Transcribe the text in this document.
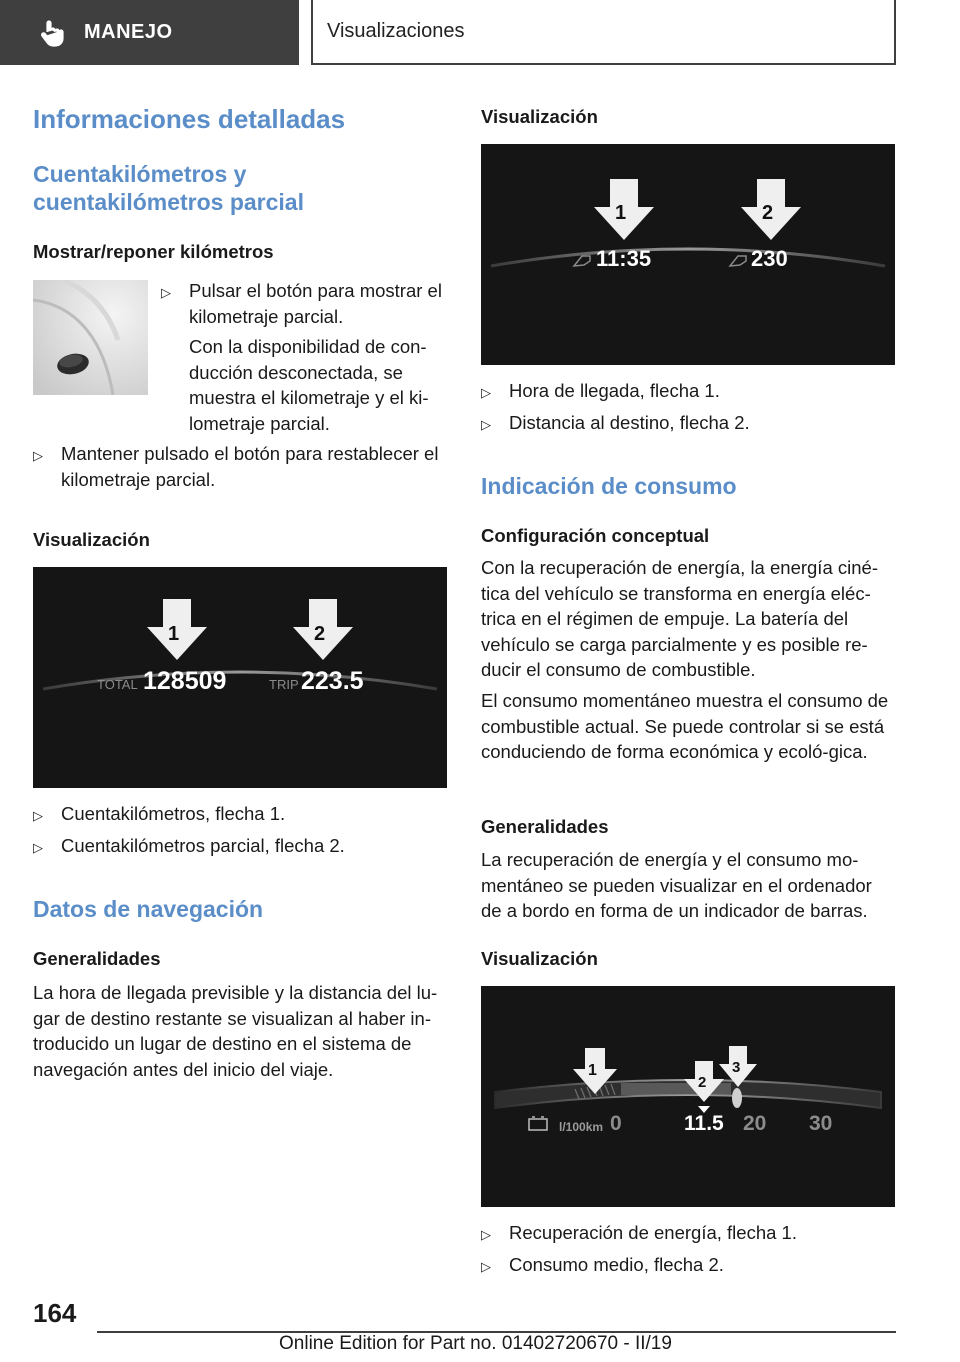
MANEJO	Visualizaciones
Informaciones detalladas
Cuentakilómetros y cuentakilómetros parcial
Mostrar/reponer kilómetros
▷ Pulsar el botón para mostrar el kilometraje parcial.
Con la disponibilidad de con-ducción desconectada, se muestra el kilometraje y el ki-lometraje parcial.
▷ Mantener pulsado el botón para restablecer el kilometraje parcial.
Visualización
1	2
TOTAL 128509	TRIP 223.5
▷ Cuentakilómetros, flecha 1.
▷ Cuentakilómetros parcial, flecha 2.
Datos de navegación
Generalidades
La hora de llegada previsible y la distancia del lu-gar de destino restante se visualizan al haber in-troducido un lugar de destino en el sistema de navegación antes del inicio del viaje.
Visualización
1	2
11:35	230
▷ Hora de llegada, flecha 1.
▷ Distancia al destino, flecha 2.
Indicación de consumo
Configuración conceptual
Con la recuperación de energía, la energía ciné-tica del vehículo se transforma en energía eléc-trica en el régimen de empuje. La batería del vehículo se carga parcialmente y es posible re-ducir el consumo de combustible.
El consumo momentáneo muestra el consumo de combustible actual. Se puede controlar si se está conduciendo de forma económica y ecoló-gica.
Generalidades
La recuperación de energía y el consumo mo-mentáneo se pueden visualizar en el ordenador de a bordo en forma de un indicador de barras.
Visualización
1
2
3
l/100km 0	11.5 20 30
▷ Recuperación de energía, flecha 1.
▷ Consumo medio, flecha 2.
164
Online Edition for Part no. 01402720670 - II/19
